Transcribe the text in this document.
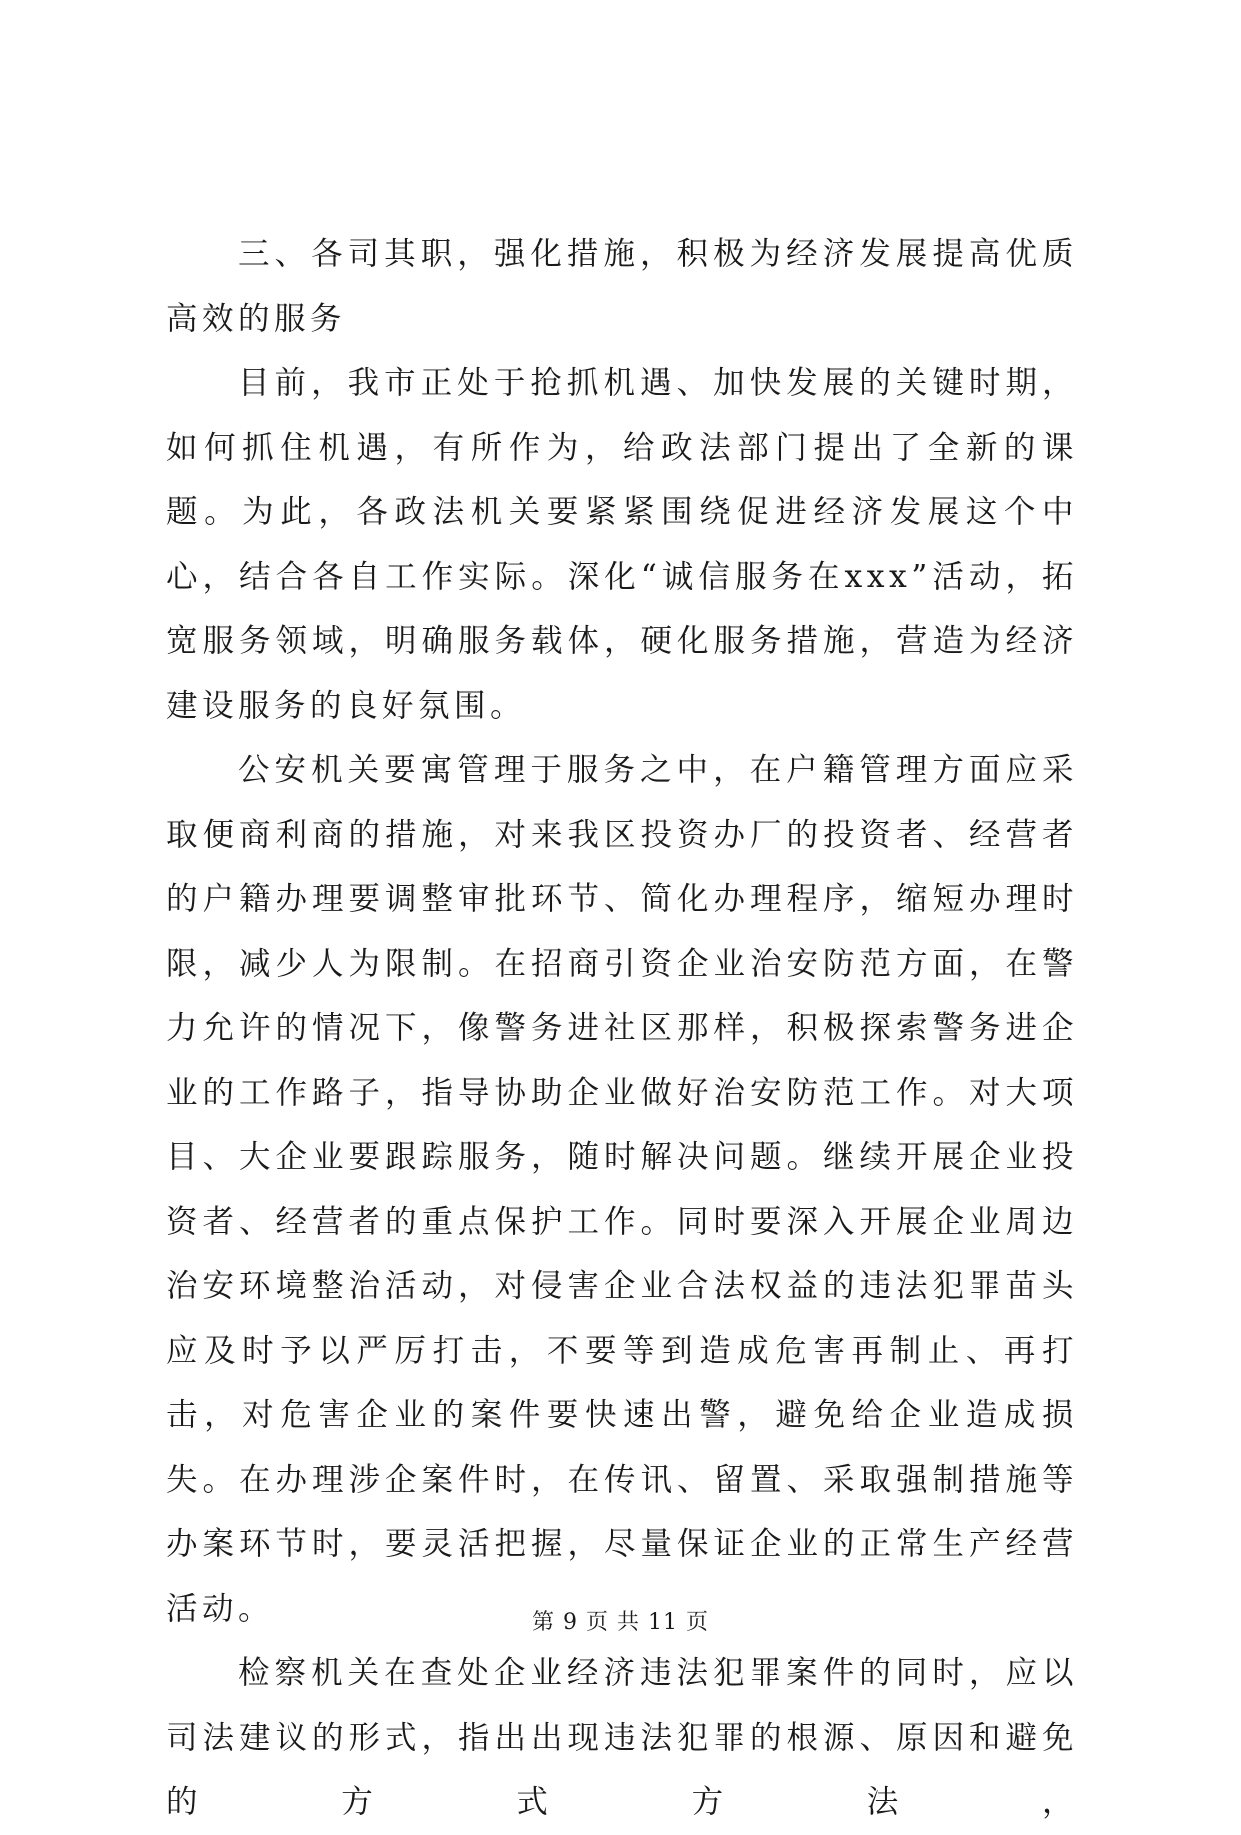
三、各司其职，强化措施，积极为经济发展提高优质高效的服务

目前，我市正处于抢抓机遇、加快发展的关键时期，如何抓住机遇，有所作为，给政法部门提出了全新的课题。为此，各政法机关要紧紧围绕促进经济发展这个中心，结合各自工作实际。深化“诚信服务在xxx”活动，拓宽服务领域，明确服务载体，硬化服务措施，营造为经济建设服务的良好氛围。

公安机关要寓管理于服务之中，在户籍管理方面应采取便商利商的措施，对来我区投资办厂的投资者、经营者的户籍办理要调整审批环节、简化办理程序，缩短办理时限，减少人为限制。在招商引资企业治安防范方面，在警力允许的情况下，像警务进社区那样，积极探索警务进企业的工作路子，指导协助企业做好治安防范工作。对大项目、大企业要跟踪服务，随时解决问题。继续开展企业投资者、经营者的重点保护工作。同时要深入开展企业周边治安环境整治活动，对侵害企业合法权益的违法犯罪苗头应及时予以严厉打击，不要等到造成危害再制止、再打击，对危害企业的案件要快速出警，避免给企业造成损失。在办理涉企案件时，在传讯、留置、采取强制措施等办案环节时，要灵活把握，尽量保证企业的正常生产经营活动。

检察机关在查处企业经济违法犯罪案件的同时，应以司法建议的形式，指出出现违法犯罪的根源、原因和避免的方式方法，

第 9 页 共 11 页
